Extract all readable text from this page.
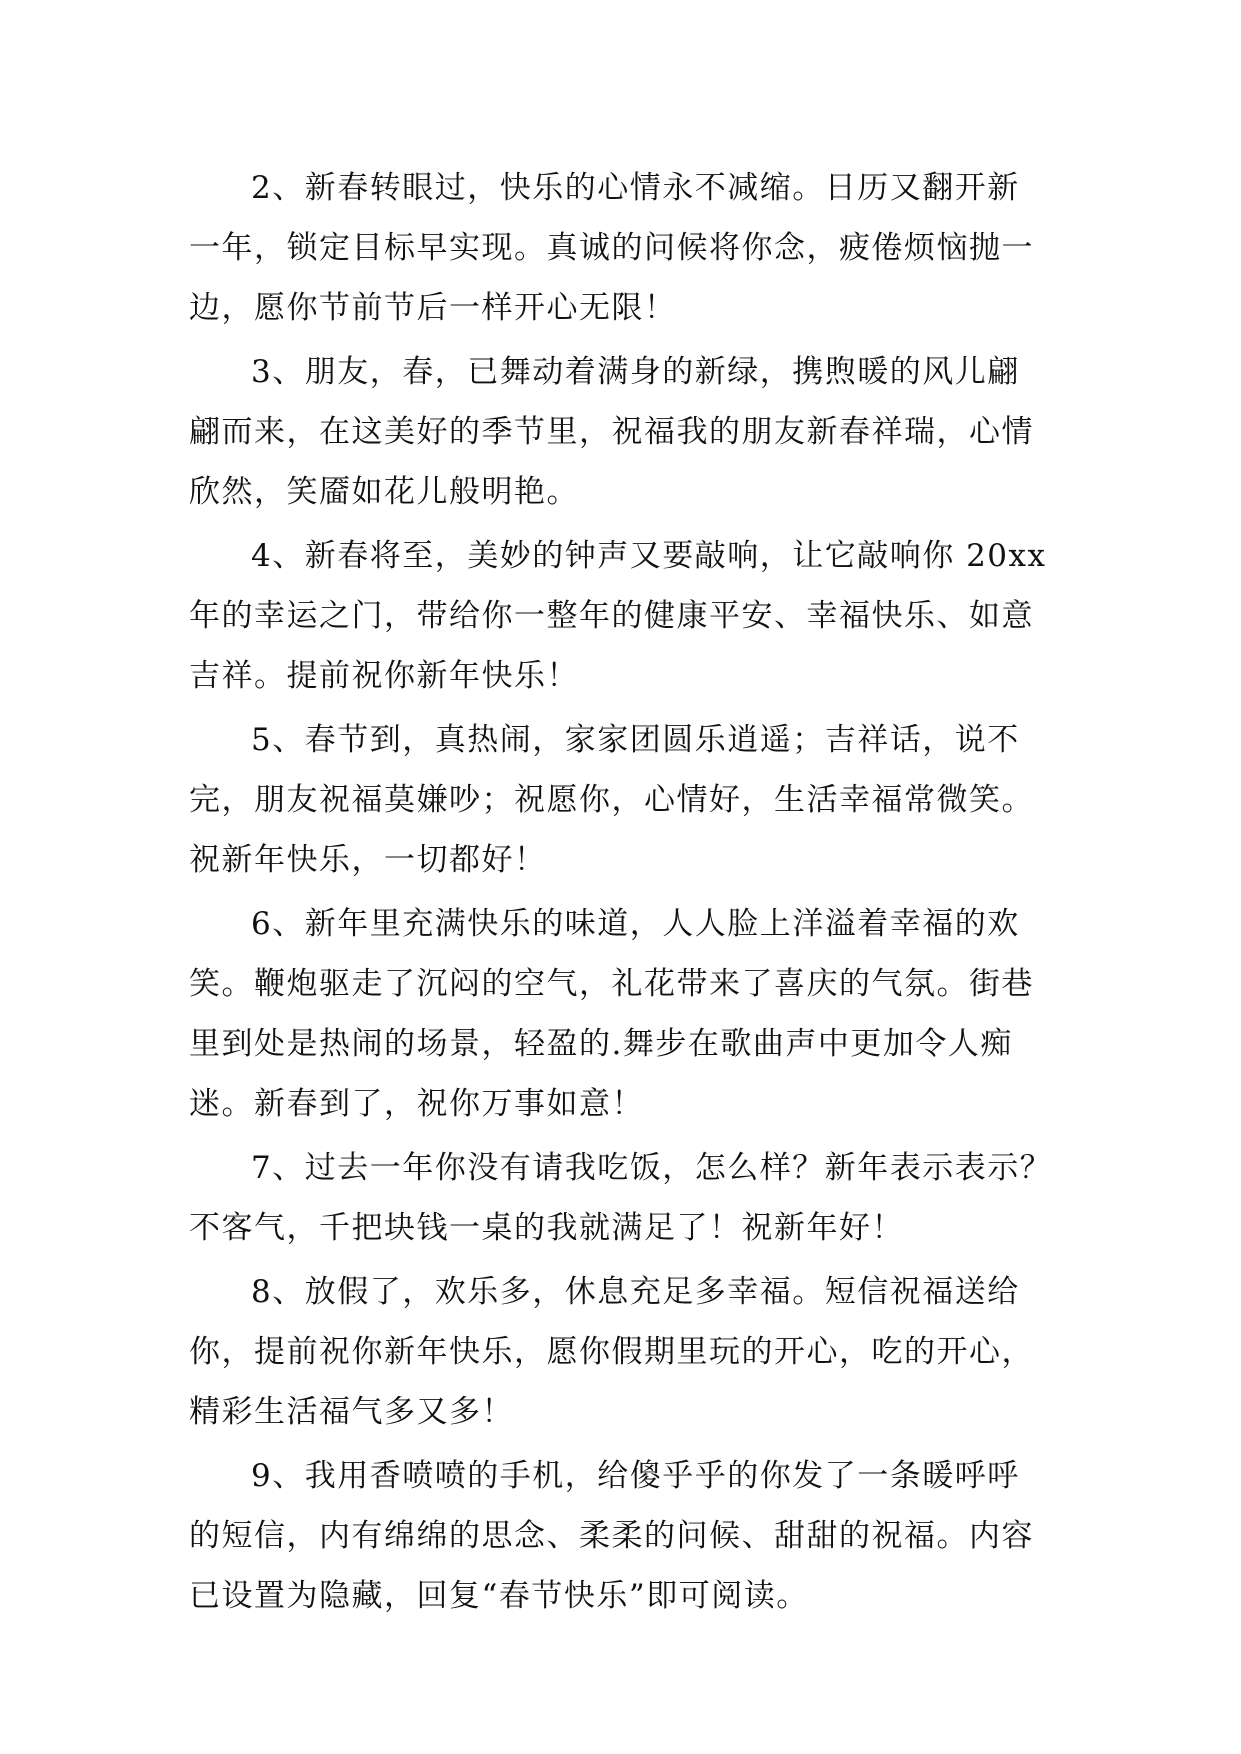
2、新春转眼过，快乐的心情永不减缩。日历又翻开新
一年，锁定目标早实现。真诚的问候将你念，疲倦烦恼抛一
边，愿你节前节后一样开心无限！

3、朋友，春，已舞动着满身的新绿，携煦暖的风儿翩
翩而来，在这美好的季节里，祝福我的朋友新春祥瑞，心情
欣然，笑靥如花儿般明艳。

4、新春将至，美妙的钟声又要敲响，让它敲响你 20xx
年的幸运之门，带给你一整年的健康平安、幸福快乐、如意
吉祥。提前祝你新年快乐！

5、春节到，真热闹，家家团圆乐逍遥；吉祥话，说不
完，朋友祝福莫嫌吵；祝愿你，心情好，生活幸福常微笑。
祝新年快乐，一切都好！

6、新年里充满快乐的味道，人人脸上洋溢着幸福的欢
笑。鞭炮驱走了沉闷的空气，礼花带来了喜庆的气氛。街巷
里到处是热闹的场景，轻盈的.舞步在歌曲声中更加令人痴
迷。新春到了，祝你万事如意！

7、过去一年你没有请我吃饭，怎么样？新年表示表示？
不客气，千把块钱一桌的我就满足了！祝新年好！

8、放假了，欢乐多，休息充足多幸福。短信祝福送给
你，提前祝你新年快乐，愿你假期里玩的开心，吃的开心，
精彩生活福气多又多！

9、我用香喷喷的手机，给傻乎乎的你发了一条暖呼呼
的短信，内有绵绵的思念、柔柔的问候、甜甜的祝福。内容
已设置为隐藏，回复“春节快乐”即可阅读。
